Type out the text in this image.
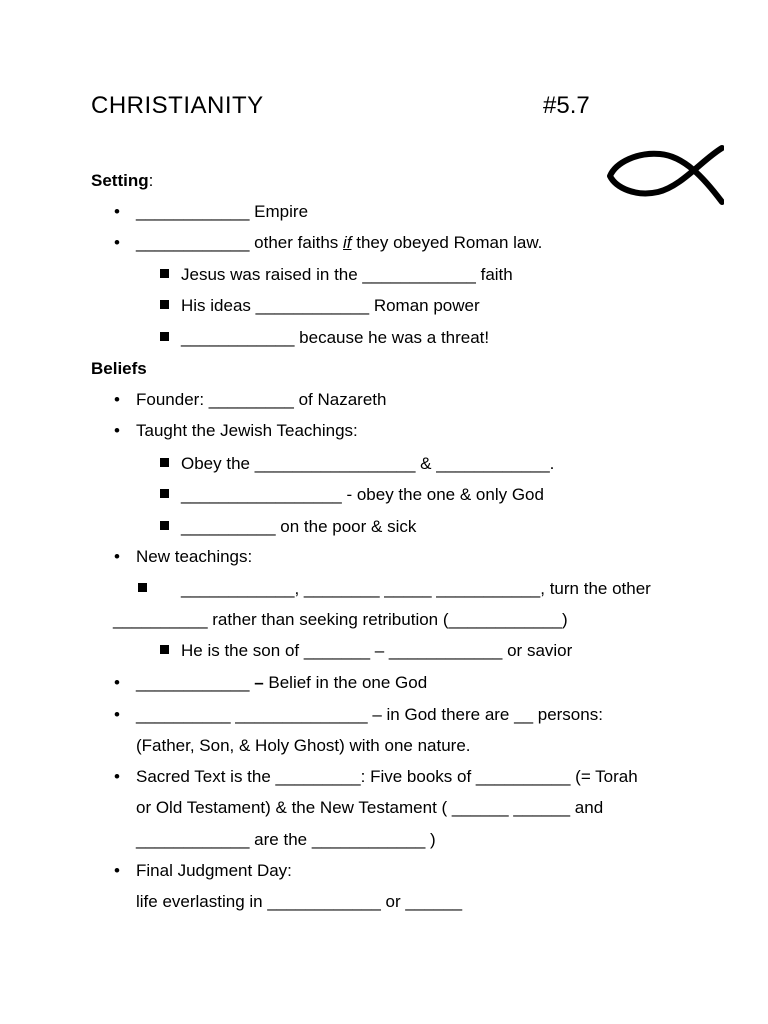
CHRISTIANITY	#5.7
Setting:
• ____________ Empire
• ____________ other faiths if they obeyed Roman law.
Jesus was raised in the ____________ faith
His ideas ____________ Roman power
____________ because he was a threat!
Beliefs
• Founder: _________ of Nazareth
• Taught the Jewish Teachings:
Obey the _________________ & ____________.
_________________ - obey the one & only God
__________ on the poor & sick
• New teachings:
____________, ________ _____ ___________, turn the other
__________ rather than seeking retribution (____________)
He is the son of _______ – ____________ or savior
• ____________ – Belief in the one God
• __________ ______________ – in God there are __ persons:
(Father, Son, & Holy Ghost) with one nature.
• Sacred Text is the _________: Five books of __________ (= Torah
or Old Testament) & the New Testament ( ______ ______ and
____________ are the ____________ )
• Final Judgment Day:
life everlasting in ____________ or ______
